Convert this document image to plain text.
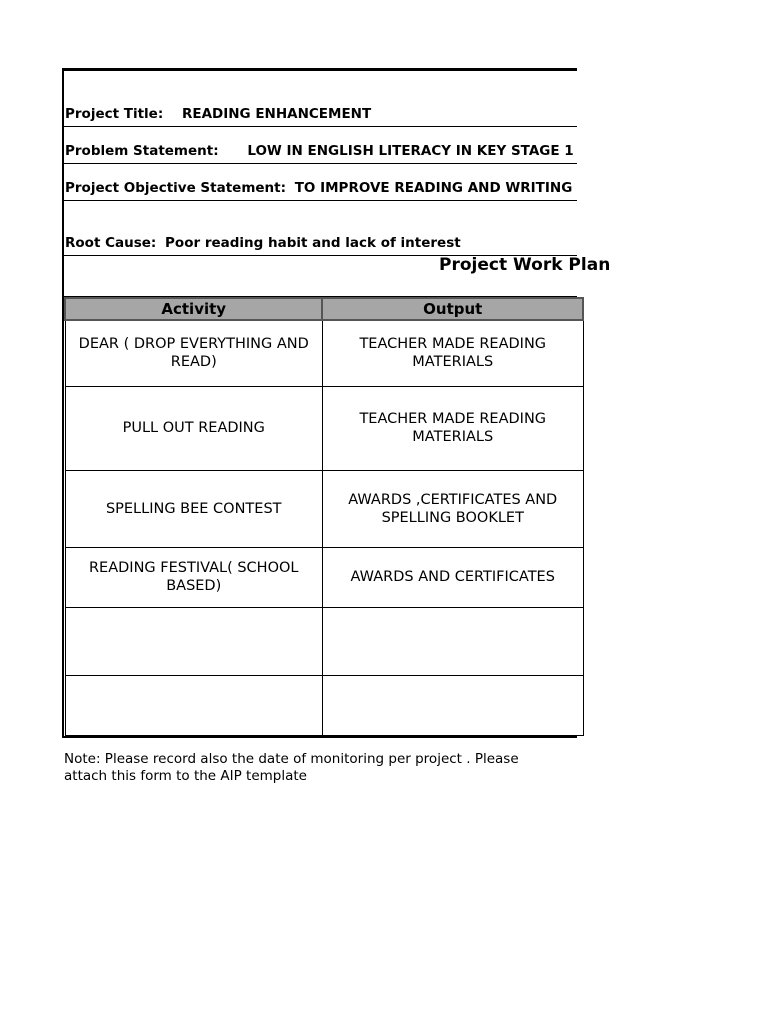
Project Title: READING ENHANCEMENT
Problem Statement: LOW IN ENGLISH LITERACY IN KEY STAGE 1
Project Objective Statement: TO IMPROVE READING AND WRITING
Root Cause: Poor reading habit and lack of interest
Project Work Plan
Activity	Output
DEAR ( DROP EVERYTHING AND READ)	TEACHER MADE READING MATERIALS
PULL OUT READING	TEACHER MADE READING MATERIALS
SPELLING BEE CONTEST	AWARDS ,CERTIFICATES AND SPELLING BOOKLET
READING FESTIVAL( SCHOOL BASED)	AWARDS AND CERTIFICATES

Note: Please record also the date of monitoring per project . Please attach this form to the AIP template
